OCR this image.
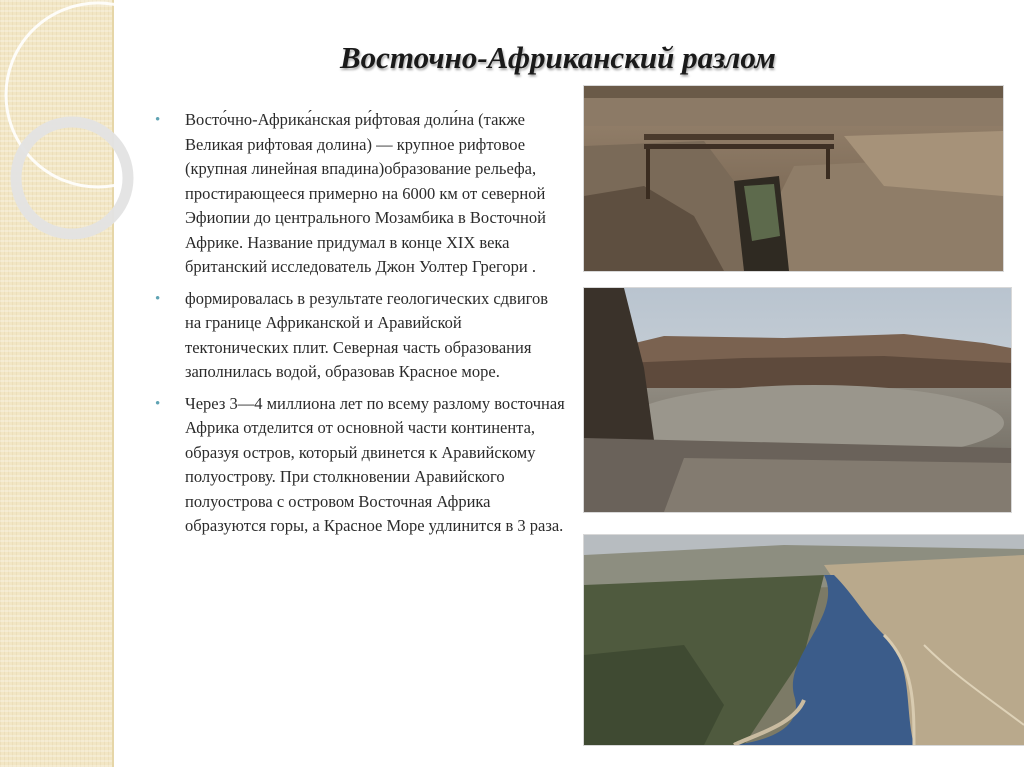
Восточно-Африканский разлом
• Восто́чно-Африка́нская ри́фтовая доли́на (также Великая рифтовая долина) — крупное рифтовое (крупная линейная впадина)образование рельефа, простирающееся примерно на 6000 км от северной Эфиопии до центрального Мозамбика в Восточной Африке. Название придумал в конце XIX века британский исследователь Джон Уолтер Грегори .
• формировалась в результате геологических сдвигов на границе Африканской и Аравийской тектонических плит. Северная часть образования заполнилась водой, образовав Красное море.
• Через 3—4 миллиона лет по всему разлому восточная Африка отделится от основной части континента, образуя остров, который двинется к Аравийскому полуострову. При столкновении Аравийского полуострова с островом Восточная Африка образуются горы, а Красное Море удлинится в 3 раза.
